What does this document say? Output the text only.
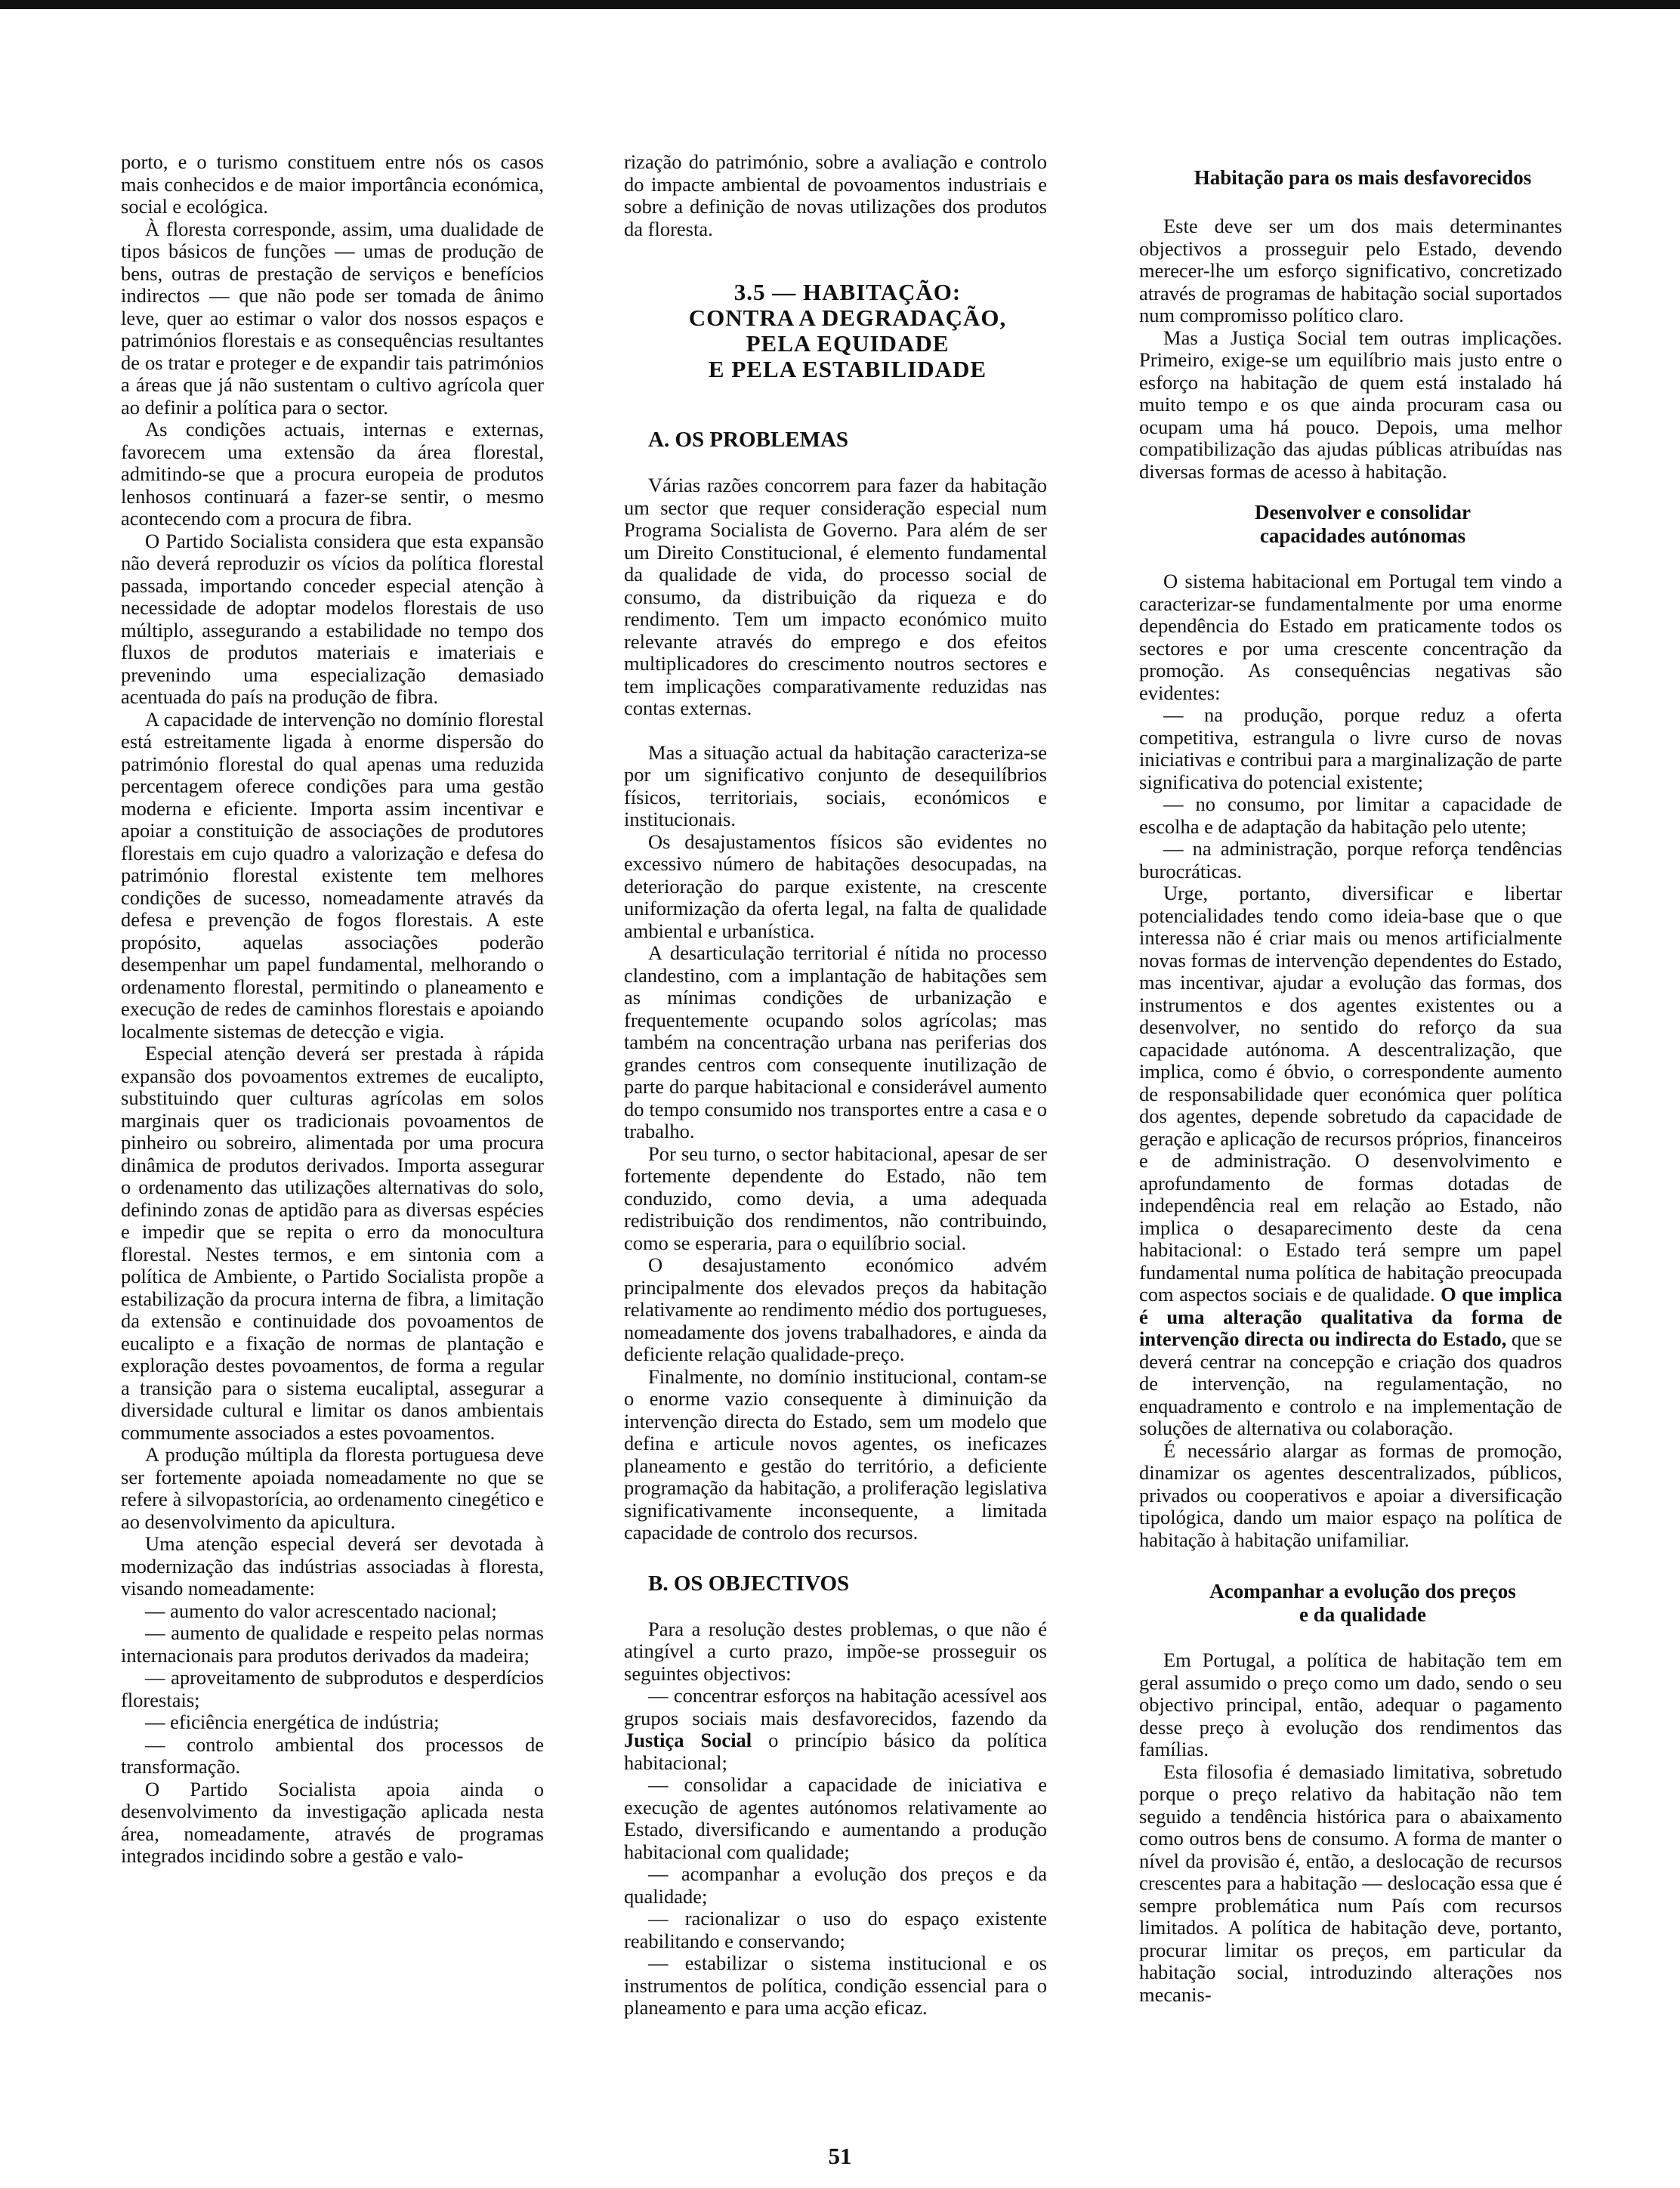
porto, e o turismo constituem entre nós os casos mais conhecidos e de maior importância económica, social e ecológica.

À floresta corresponde, assim, uma dualidade de tipos básicos de funções — umas de produção de bens, outras de prestação de serviços e benefícios indirectos — que não pode ser tomada de ânimo leve, quer ao estimar o valor dos nossos espaços e patrimónios florestais e as consequências resultantes de os tratar e proteger e de expandir tais patrimónios a áreas que já não sustentam o cultivo agrícola quer ao definir a política para o sector.

As condições actuais, internas e externas, favorecem uma extensão da área florestal, admitindo-se que a procura europeia de produtos lenhosos continuará a fazer-se sentir, o mesmo acontecendo com a procura de fibra.

O Partido Socialista considera que esta expansão não deverá reproduzir os vícios da política florestal passada, importando conceder especial atenção à necessidade de adoptar modelos florestais de uso múltiplo, assegurando a estabilidade no tempo dos fluxos de produtos materiais e imateriais e prevenindo uma especialização demasiado acentuada do país na produção de fibra.

A capacidade de intervenção no domínio florestal está estreitamente ligada à enorme dispersão do património florestal do qual apenas uma reduzida percentagem oferece condições para uma gestão moderna e eficiente. Importa assim incentivar e apoiar a constituição de associações de produtores florestais em cujo quadro a valorização e defesa do património florestal existente tem melhores condições de sucesso, nomeadamente através da defesa e prevenção de fogos florestais. A este propósito, aquelas associações poderão desempenhar um papel fundamental, melhorando o ordenamento florestal, permitindo o planeamento e execução de redes de caminhos florestais e apoiando localmente sistemas de detecção e vigia.

Especial atenção deverá ser prestada à rápida expansão dos povoamentos extremes de eucalipto, substituindo quer culturas agrícolas em solos marginais quer os tradicionais povoamentos de pinheiro ou sobreiro, alimentada por uma procura dinâmica de produtos derivados. Importa assegurar o ordenamento das utilizações alternativas do solo, definindo zonas de aptidão para as diversas espécies e impedir que se repita o erro da monocultura florestal. Nestes termos, e em sintonia com a política de Ambiente, o Partido Socialista propõe a estabilização da procura interna de fibra, a limitação da extensão e continuidade dos povoamentos de eucalipto e a fixação de normas de plantação e exploração destes povoamentos, de forma a regular a transição para o sistema eucaliptal, assegurar a diversidade cultural e limitar os danos ambientais commumente associados a estes povoamentos.

A produção múltipla da floresta portuguesa deve ser fortemente apoiada nomeadamente no que se refere à silvopastorícia, ao ordenamento cinegético e ao desenvolvimento da apicultura.

Uma atenção especial deverá ser devotada à modernização das indústrias associadas à floresta, visando nomeadamente:

— aumento do valor acrescentado nacional;

— aumento de qualidade e respeito pelas normas internacionais para produtos derivados da madeira;

— aproveitamento de subprodutos e desperdícios florestais;

— eficiência energética de indústria;

— controlo ambiental dos processos de transformação.

O Partido Socialista apoia ainda o desenvolvimento da investigação aplicada nesta área, nomeadamente, através de programas integrados incidindo sobre a gestão e valo-

rização do património, sobre a avaliação e controlo do impacte ambiental de povoamentos industriais e sobre a definição de novas utilizações dos produtos da floresta.

3.5 — HABITAÇÃO:

CONTRA A DEGRADAÇÃO,

PELA EQUIDADE

E PELA ESTABILIDADE

A. OS PROBLEMAS

Várias razões concorrem para fazer da habitação um sector que requer consideração especial num Programa Socialista de Governo. Para além de ser um Direito Constitucional, é elemento fundamental da qualidade de vida, do processo social de consumo, da distribuição da riqueza e do rendimento. Tem um impacto económico muito relevante através do emprego e dos efeitos multiplicadores do crescimento noutros sectores e tem implicações comparativamente reduzidas nas contas externas.

Mas a situação actual da habitação caracteriza-se por um significativo conjunto de desequilíbrios físicos, territoriais, sociais, económicos e institucionais.

Os desajustamentos físicos são evidentes no excessivo número de habitações desocupadas, na deterioração do parque existente, na crescente uniformização da oferta legal, na falta de qualidade ambiental e urbanística.

A desarticulação territorial é nítida no processo clandestino, com a implantação de habitações sem as mínimas condições de urbanização e frequentemente ocupando solos agrícolas; mas também na concentração urbana nas periferias dos grandes centros com consequente inutilização de parte do parque habitacional e considerável aumento do tempo consumido nos transportes entre a casa e o trabalho.

Por seu turno, o sector habitacional, apesar de ser fortemente dependente do Estado, não tem conduzido, como devia, a uma adequada redistribuição dos rendimentos, não contribuindo, como se esperaria, para o equilíbrio social.

O desajustamento económico advém principalmente dos elevados preços da habitação relativamente ao rendimento médio dos portugueses, nomeadamente dos jovens trabalhadores, e ainda da deficiente relação qualidade-preço.

Finalmente, no domínio institucional, contam-se o enorme vazio consequente à diminuição da intervenção directa do Estado, sem um modelo que defina e articule novos agentes, os ineficazes planeamento e gestão do território, a deficiente programação da habitação, a proliferação legislativa significativamente inconsequente, a limitada capacidade de controlo dos recursos.

B. OS OBJECTIVOS

Para a resolução destes problemas, o que não é atingível a curto prazo, impõe-se prosseguir os seguintes objectivos:

— concentrar esforços na habitação acessível aos grupos sociais mais desfavorecidos, fazendo da Justiça Social o princípio básico da política habitacional;

— consolidar a capacidade de iniciativa e execução de agentes autónomos relativamente ao Estado, diversificando e aumentando a produção habitacional com qualidade;

— acompanhar a evolução dos preços e da qualidade;

— racionalizar o uso do espaço existente reabilitando e conservando;

— estabilizar o sistema institucional e os instrumentos de política, condição essencial para o planeamento e para uma acção eficaz.

Habitação para os mais desfavorecidos

Este deve ser um dos mais determinantes objectivos a prosseguir pelo Estado, devendo merecer-lhe um esforço significativo, concretizado através de programas de habitação social suportados num compromisso político claro.

Mas a Justiça Social tem outras implicações. Primeiro, exige-se um equilíbrio mais justo entre o esforço na habitação de quem está instalado há muito tempo e os que ainda procuram casa ou ocupam uma há pouco. Depois, uma melhor compatibilização das ajudas públicas atribuídas nas diversas formas de acesso à habitação.

Desenvolver e consolidar

capacidades autónomas

O sistema habitacional em Portugal tem vindo a caracterizar-se fundamentalmente por uma enorme dependência do Estado em praticamente todos os sectores e por uma crescente concentração da promoção. As consequências negativas são evidentes:

— na produção, porque reduz a oferta competitiva, estrangula o livre curso de novas iniciativas e contribui para a marginalização de parte significativa do potencial existente;

— no consumo, por limitar a capacidade de escolha e de adaptação da habitação pelo utente;

— na administração, porque reforça tendências burocráticas.

Urge, portanto, diversificar e libertar potencialidades tendo como ideia-base que o que interessa não é criar mais ou menos artificialmente novas formas de intervenção dependentes do Estado, mas incentivar, ajudar a evolução das formas, dos instrumentos e dos agentes existentes ou a desenvolver, no sentido do reforço da sua capacidade autónoma. A descentralização, que implica, como é óbvio, o correspondente aumento de responsabilidade quer económica quer política dos agentes, depende sobretudo da capacidade de geração e aplicação de recursos próprios, financeiros e de administração. O desenvolvimento e aprofundamento de formas dotadas de independência real em relação ao Estado, não implica o desaparecimento deste da cena habitacional: o Estado terá sempre um papel fundamental numa política de habitação preocupada com aspectos sociais e de qualidade. O que implica é uma alteração qualitativa da forma de intervenção directa ou indirecta do Estado, que se deverá centrar na concepção e criação dos quadros de intervenção, na regulamentação, no enquadramento e controlo e na implementação de soluções de alternativa ou colaboração.

É necessário alargar as formas de promoção, dinamizar os agentes descentralizados, públicos, privados ou cooperativos e apoiar a diversificação tipológica, dando um maior espaço na política de habitação à habitação unifamiliar.

Acompanhar a evolução dos preços

e da qualidade

Em Portugal, a política de habitação tem em geral assumido o preço como um dado, sendo o seu objectivo principal, então, adequar o pagamento desse preço à evolução dos rendimentos das famílias.

Esta filosofia é demasiado limitativa, sobretudo porque o preço relativo da habitação não tem seguido a tendência histórica para o abaixamento como outros bens de consumo. A forma de manter o nível da provisão é, então, a deslocação de recursos crescentes para a habitação — deslocação essa que é sempre problemática num País com recursos limitados. A política de habitação deve, portanto, procurar limitar os preços, em particular da habitação social, introduzindo alterações nos mecanis-

51
